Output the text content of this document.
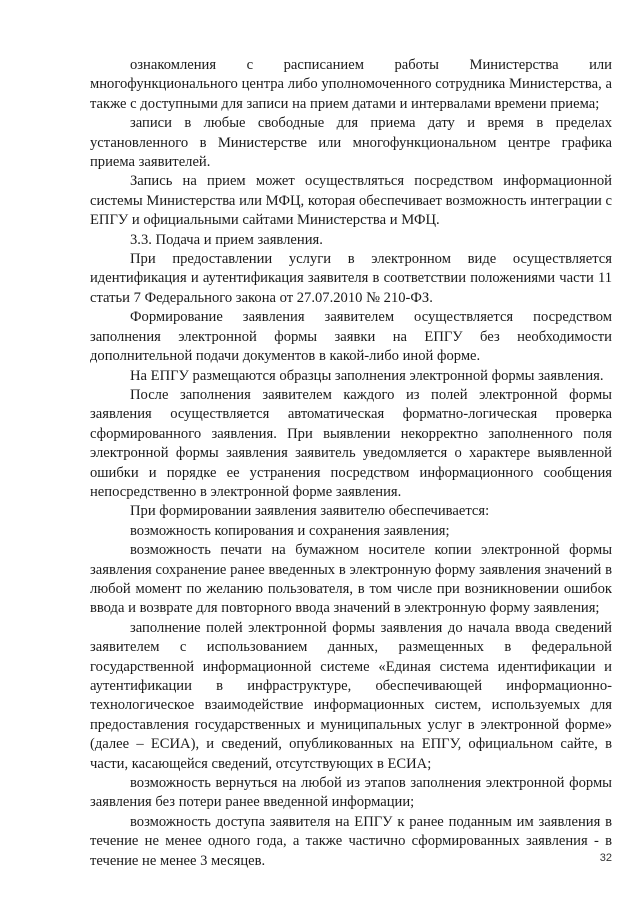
ознакомления с расписанием работы Министерства или многофункционального центра либо уполномоченного сотрудника Министерства, а также с доступными для записи на прием датами и интервалами времени приема;

записи в любые свободные для приема дату и время в пределах установленного в Министерстве или многофункциональном центре графика приема заявителей.

Запись на прием может осуществляться посредством информационной системы Министерства или МФЦ, которая обеспечивает возможность интеграции с ЕПГУ и официальными сайтами Министерства и МФЦ.

3.3. Подача и прием заявления.

При предоставлении услуги в электронном виде осуществляется идентификация и аутентификация заявителя в соответствии положениями части 11 статьи 7 Федерального закона от 27.07.2010 № 210-ФЗ.

Формирование заявления заявителем осуществляется посредством заполнения электронной формы заявки на ЕПГУ без необходимости дополнительной подачи документов в какой-либо иной форме.

На ЕПГУ размещаются образцы заполнения электронной формы заявления.

После заполнения заявителем каждого из полей электронной формы заявления осуществляется автоматическая форматно-логическая проверка сформированного заявления. При выявлении некорректно заполненного поля электронной формы заявления заявитель уведомляется о характере выявленной ошибки и порядке ее устранения посредством информационного сообщения непосредственно в электронной форме заявления.

При формировании заявления заявителю обеспечивается:

возможность копирования и сохранения заявления;

возможность печати на бумажном носителе копии электронной формы заявления сохранение ранее введенных в электронную форму заявления значений в любой момент по желанию пользователя, в том числе при возникновении ошибок ввода и возврате для повторного ввода значений в электронную форму заявления;

заполнение полей электронной формы заявления до начала ввода сведений заявителем с использованием данных, размещенных в федеральной государственной информационной системе «Единая система идентификации и аутентификации в инфраструктуре, обеспечивающей информационно-технологическое взаимодействие информационных систем, используемых для предоставления государственных и муниципальных услуг в электронной форме» (далее – ЕСИА), и сведений, опубликованных на ЕПГУ, официальном сайте, в части, касающейся сведений, отсутствующих в ЕСИА;

возможность вернуться на любой из этапов заполнения электронной формы заявления без потери ранее введенной информации;

возможность доступа заявителя на ЕПГУ к ранее поданным им заявления в течение не менее одного года, а также частично сформированных заявления - в течение не менее 3 месяцев.	32
